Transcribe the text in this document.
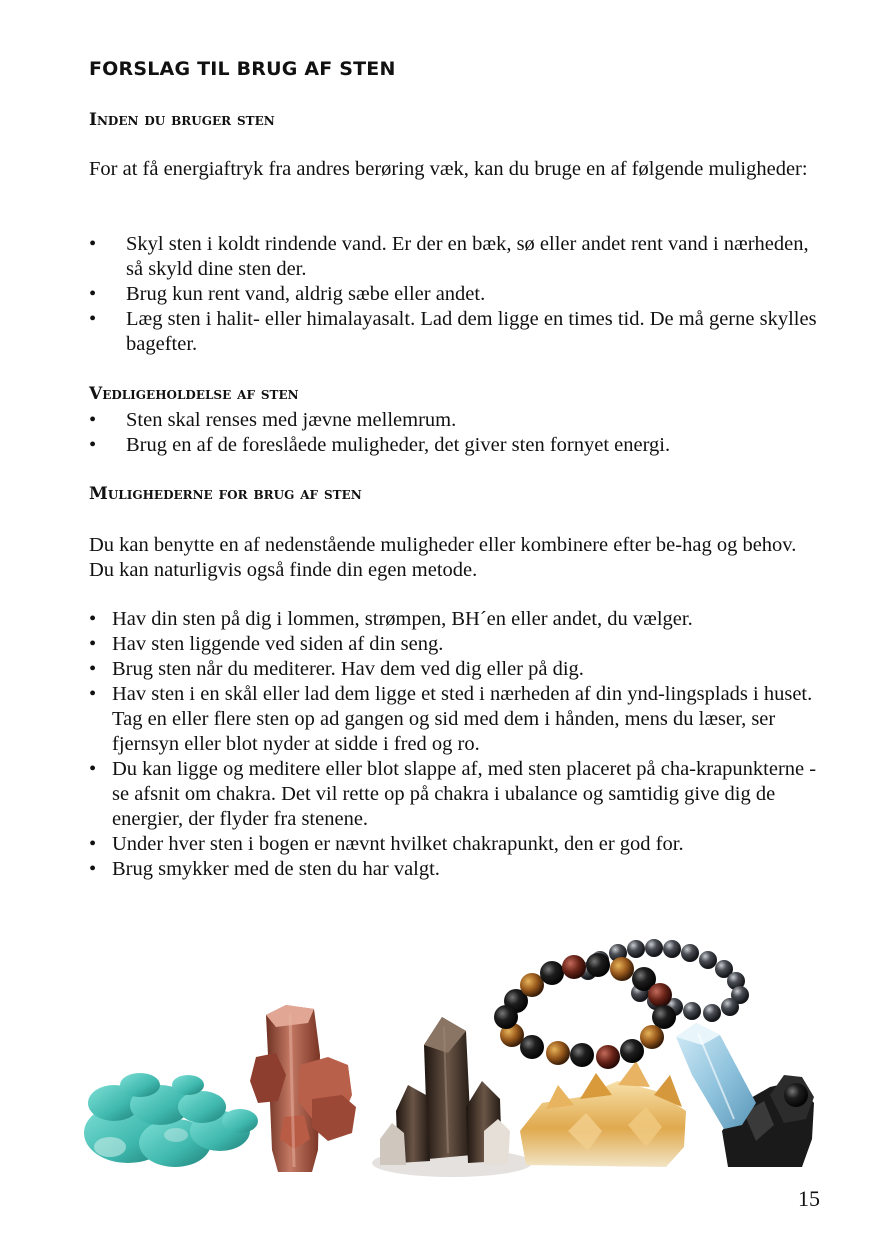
FORSLAG TIL BRUG AF STEN
Inden du bruger sten

For at få energiaftryk fra andres berøring væk, kan du bruge en af følgende muligheder:

• Skyl sten i koldt rindende vand. Er der en bæk, sø eller andet rent vand i nærheden, så skyld dine sten der.
• Brug kun rent vand, aldrig sæbe eller andet.
• Læg sten i halit- eller himalayasalt. Lad dem ligge en times tid. De må gerne skylles bagefter.
Vedligeholdelse af sten
• Sten skal renses med jævne mellemrum.
• Brug en af de foreslåede muligheder, det giver sten fornyet energi.
Mulighederne for brug af sten

Du kan benytte en af nedenstående muligheder eller kombinere efter be-hag og behov. Du kan naturligvis også finde din egen metode.

• Hav din sten på dig i lommen, strømpen, BH´en eller andet, du vælger.
• Hav sten liggende ved siden af din seng.
• Brug sten når du mediterer. Hav dem ved dig eller på dig.
• Hav sten i en skål eller lad dem ligge et sted i nærheden af din ynd-lingsplads i huset. Tag en eller flere sten op ad gangen og sid med dem i hånden, mens du læser, ser fjernsyn eller blot nyder at sidde i fred og ro.
• Du kan ligge og meditere eller blot slappe af, med sten placeret på cha-krapunkterne - se afsnit om chakra. Det vil rette op på chakra i ubalance og samtidig give dig de energier, der flyder fra stenene.
• Under hver sten i bogen er nævnt hvilket chakrapunkt, den er god for.
• Brug smykker med de sten du har valgt.
15
